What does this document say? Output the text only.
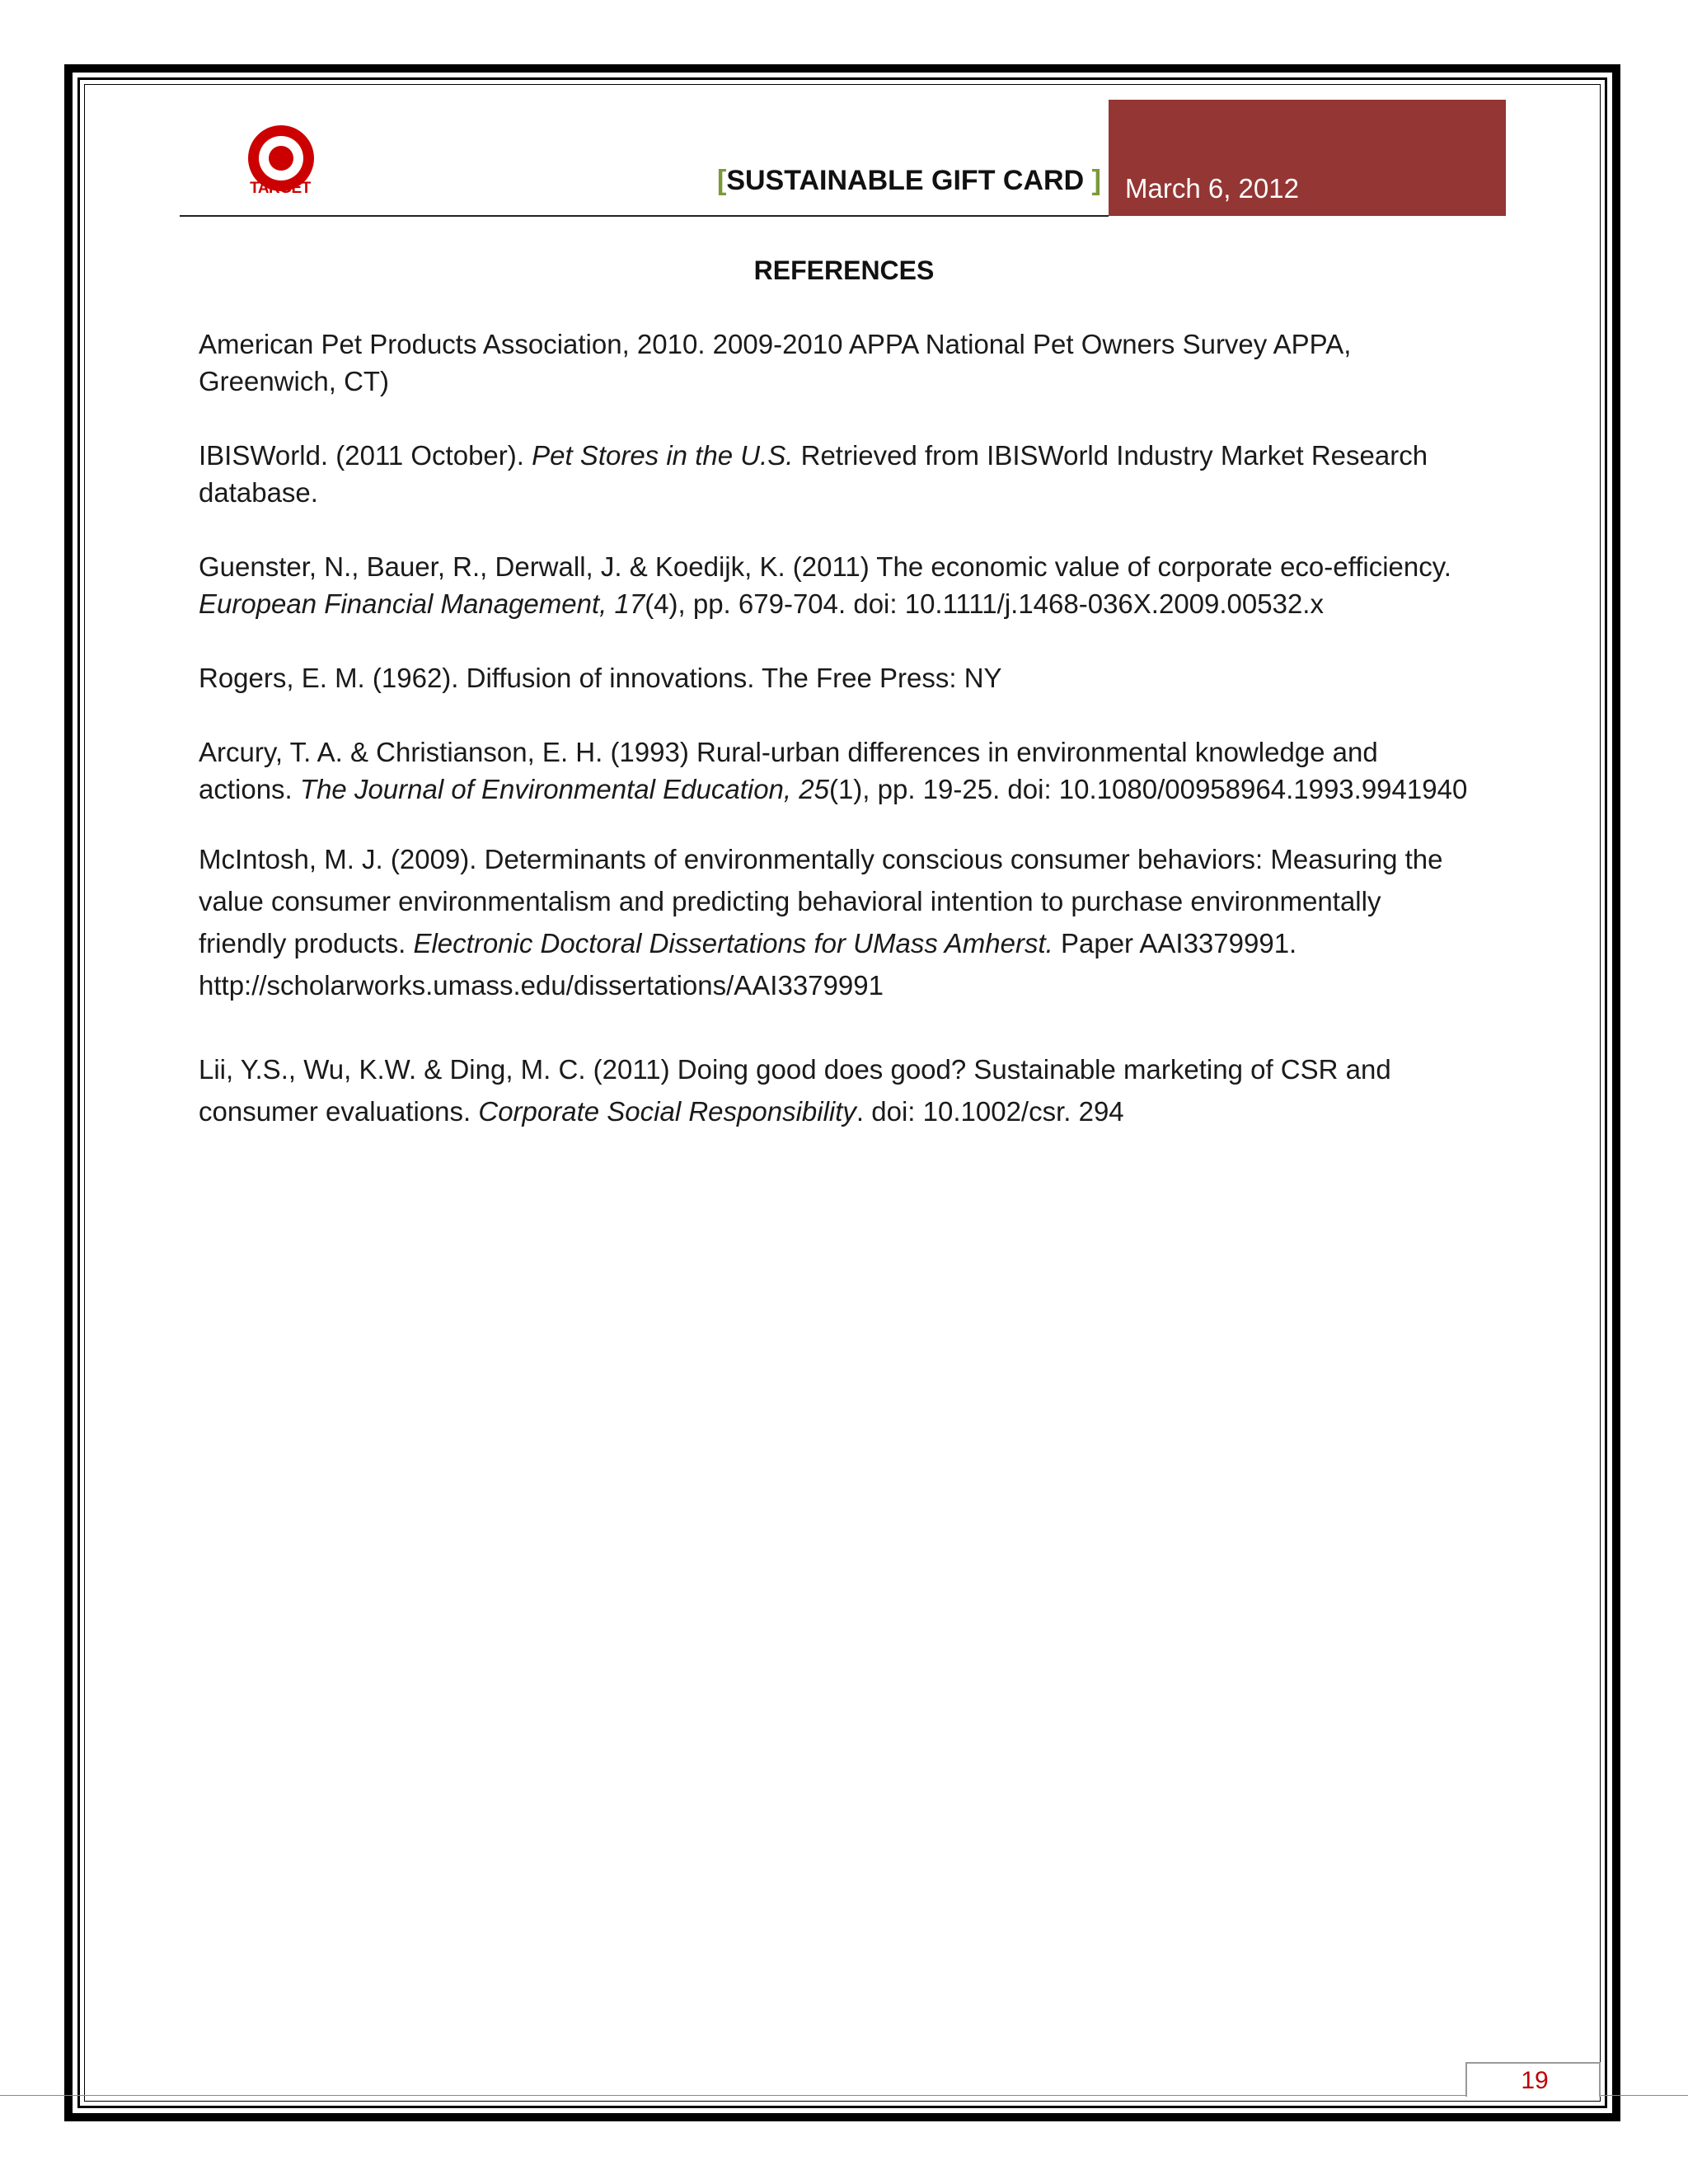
TARGET	[SUSTAINABLE GIFT CARD ] March 6, 2012
REFERENCES
American Pet Products Association, 2010. 2009-2010 APPA National Pet Owners Survey APPA,
Greenwich, CT)
IBISWorld. (2011 October). Pet Stores in the U.S. Retrieved from IBISWorld Industry Market Research
database.
Guenster, N., Bauer, R., Derwall, J. & Koedijk, K. (2011) The economic value of corporate eco-efficiency.
European Financial Management, 17(4), pp. 679-704. doi: 10.1111/j.1468-036X.2009.00532.x
Rogers, E. M. (1962). Diffusion of innovations. The Free Press: NY
Arcury, T. A. & Christianson, E. H. (1993) Rural-urban differences in environmental knowledge and
actions. The Journal of Environmental Education, 25(1), pp. 19-25. doi: 10.1080/00958964.1993.9941940
McIntosh, M. J. (2009). Determinants of environmentally conscious consumer behaviors: Measuring the
value consumer environmentalism and predicting behavioral intention to purchase environmentally
friendly products. Electronic Doctoral Dissertations for UMass Amherst. Paper AAI3379991.
http://scholarworks.umass.edu/dissertations/AAI3379991
Lii, Y.S., Wu, K.W. & Ding, M. C. (2011) Doing good does good? Sustainable marketing of CSR and
consumer evaluations. Corporate Social Responsibility. doi: 10.1002/csr. 294
19
